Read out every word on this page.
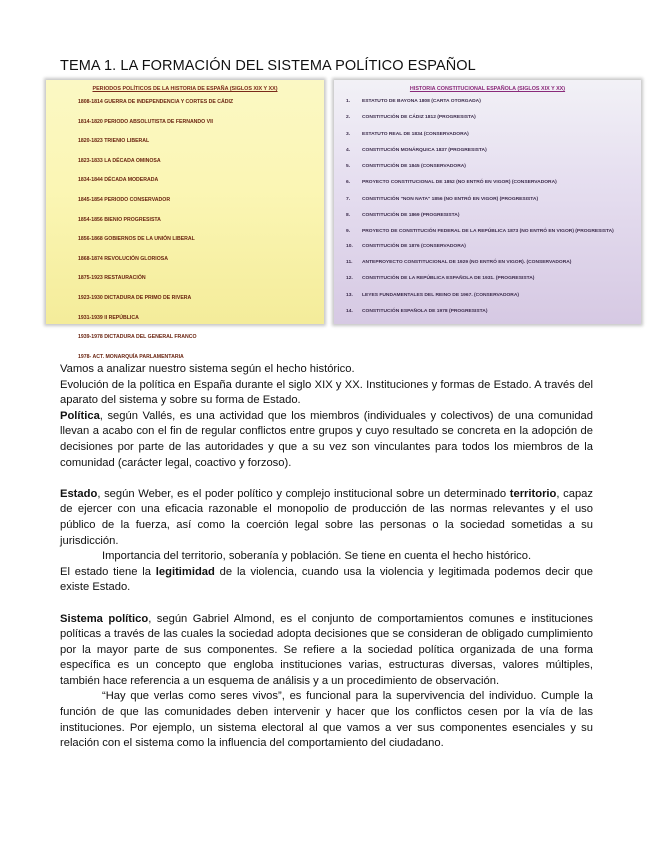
TEMA 1. LA FORMACIÓN DEL SISTEMA POLÍTICO ESPAÑOL
PERIODOS POLÍTICOS DE LA HISTORIA DE ESPAÑA (SIGLOS XIX Y XX)
1808-1814 GUERRA DE INDEPENDENCIA Y CORTES DE CÁDIZ
1814-1820 PERIODO ABSOLUTISTA DE FERNANDO VII
1820-1823 TRIENIO LIBERAL
1823-1833 LA DÉCADA OMINOSA
1834-1844 DÉCADA MODERADA
1845-1854 PERIODO CONSERVADOR
1854-1856 BIENIO PROGRESISTA
1856-1868 GOBIERNOS DE LA UNIÓN LIBERAL
1868-1874 REVOLUCIÓN GLORIOSA
1875-1923 RESTAURACIÓN
1923-1930 DICTADURA DE PRIMO DE RIVERA
1931-1939 II REPÚBLICA
1939-1978 DICTADURA DEL GENERAL FRANCO
1978- ACT. MONARQUÍA PARLAMENTARIA
HISTORIA CONSTITUCIONAL ESPAÑOLA (SIGLOS XIX Y XX)
1.	ESTATUTO DE BAYONA 1808 (CARTA OTORGADA)
2.	CONSTITUCIÓN DE CÁDIZ 1812 (PROGRESISTA)
3.	ESTATUTO REAL DE 1834 (CONSERVADORA)
4.	CONSTITUCIÓN MONÁRQUICA 1837 (PROGRESISTA)
5.	CONSTITUCIÓN DE 1845 (CONSERVADORA)
6.	PROYECTO CONSTITUCIONAL DE 1852 (NO ENTRÓ EN VIGOR) (CONSERVADORA)
7.	CONSTITUCIÓN "NON NATA" 1856 (NO ENTRÓ EN VIGOR) (PROGRESISTA)
8.	CONSTITUCIÓN DE 1869 (PROGRESISTA)
9.	PROYECTO DE CONSTITUCIÓN FEDERAL DE LA REPÚBLICA 1873 (NO ENTRÓ EN VIGOR) (PROGRESISTA)
10.	CONSTITUCIÓN DE 1876 (CONSERVADORA)
11.	ANTEPROYECTO CONSTITUCIONAL DE 1929 (NO ENTRÓ EN VIGOR). (CONSERVADORA)
12.	CONSTITUCIÓN DE LA REPÚBLICA ESPAÑOLA DE 1931. (PROGRESISTA)
13.	LEYES FUNDAMENTALES DEL REINO DE 1967. (CONSERVADORA)
14.	CONSTITUCIÓN ESPAÑOLA DE 1978 (PROGRESISTA)

Vamos a analizar nuestro sistema según el hecho histórico.

Evolución de la política en España durante el siglo XIX y XX. Instituciones y formas de Estado. A través del aparato del sistema y sobre su forma de Estado.

Política, según Vallés, es una actividad que los miembros (individuales y colectivos) de una comunidad llevan a acabo con el fin de regular conflictos entre grupos y cuyo resultado se concreta en la adopción de decisiones por parte de las autoridades y que a su vez son vinculantes para todos los miembros de la comunidad (carácter legal, coactivo y forzoso).

Estado, según Weber, es el poder político y complejo institucional sobre un determinado territorio, capaz de ejercer con una eficacia razonable el monopolio de producción de las normas relevantes y el uso público de la fuerza, así como la coerción legal sobre las personas o la sociedad sometidas a su jurisdicción.

Importancia del territorio, soberanía y población. Se tiene en cuenta el hecho histórico.

El estado tiene la legitimidad de la violencia, cuando usa la violencia y legitimada podemos decir que existe Estado.

Sistema político, según Gabriel Almond, es el conjunto de comportamientos comunes e instituciones políticas a través de las cuales la sociedad adopta decisiones que se consideran de obligado cumplimiento por la mayor parte de sus componentes. Se refiere a la sociedad política organizada de una forma específica es un concepto que engloba instituciones varias, estructuras diversas, valores múltiples, también hace referencia a un esquema de análisis y a un procedimiento de observación.

“Hay que verlas como seres vivos”, es funcional para la supervivencia del individuo. Cumple la función de que las comunidades deben intervenir y hacer que los conflictos cesen por la vía de las instituciones. Por ejemplo, un sistema electoral al que vamos a ver sus componentes esenciales y su relación con el sistema como la influencia del comportamiento del ciudadano.
